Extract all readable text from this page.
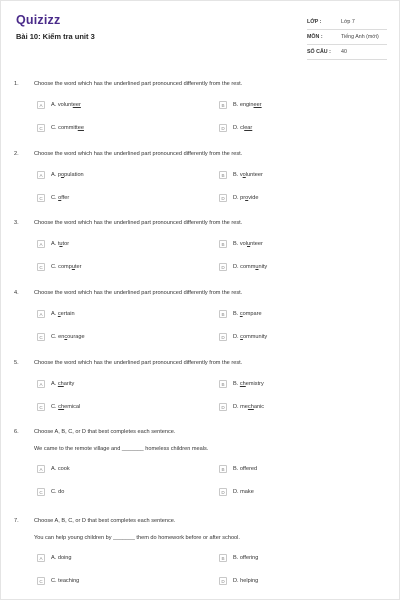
Quizizz
Bài 10: Kiểm tra unit 3
LỚP :	Lớp 7
MÔN :	Tiếng Anh (mới)
SỐ CÂU :	40
1.	Choose the word which has the underlined part pronounced differently from the rest.
A	A. volunteer	B	B. engineer
C	C. committee	D	D. clear
2.	Choose the word which has the underlined part pronounced differently from the rest.
A	A. population	B	B. volunteer
C	C. offer	D	D. provide
3.	Choose the word which has the underlined part pronounced differently from the rest.
A	A. tutor	B	B. volunteer
C	C. computer	D	D. community
4.	Choose the word which has the underlined part pronounced differently from the rest.
A	A. certain	B	B. compare
C	C. encourage	D	D. community
5.	Choose the word which has the underlined part pronounced differently from the rest.
A	A. charity	B	B. chemistry
C	C. chemical	D	D. mechanic
6.	Choose A, B, C, or D that best completes each sentence.
We came to the remote village and _______ homeless children meals.
A	A. cook	B	B. offered
C	C. do	D	D. make
7.	Choose A, B, C, or D that best completes each sentence.
You can help young children by _______ them do homework before or after school.
A	A. doing	B	B. offering
C	C. teaching	D	D. helping
